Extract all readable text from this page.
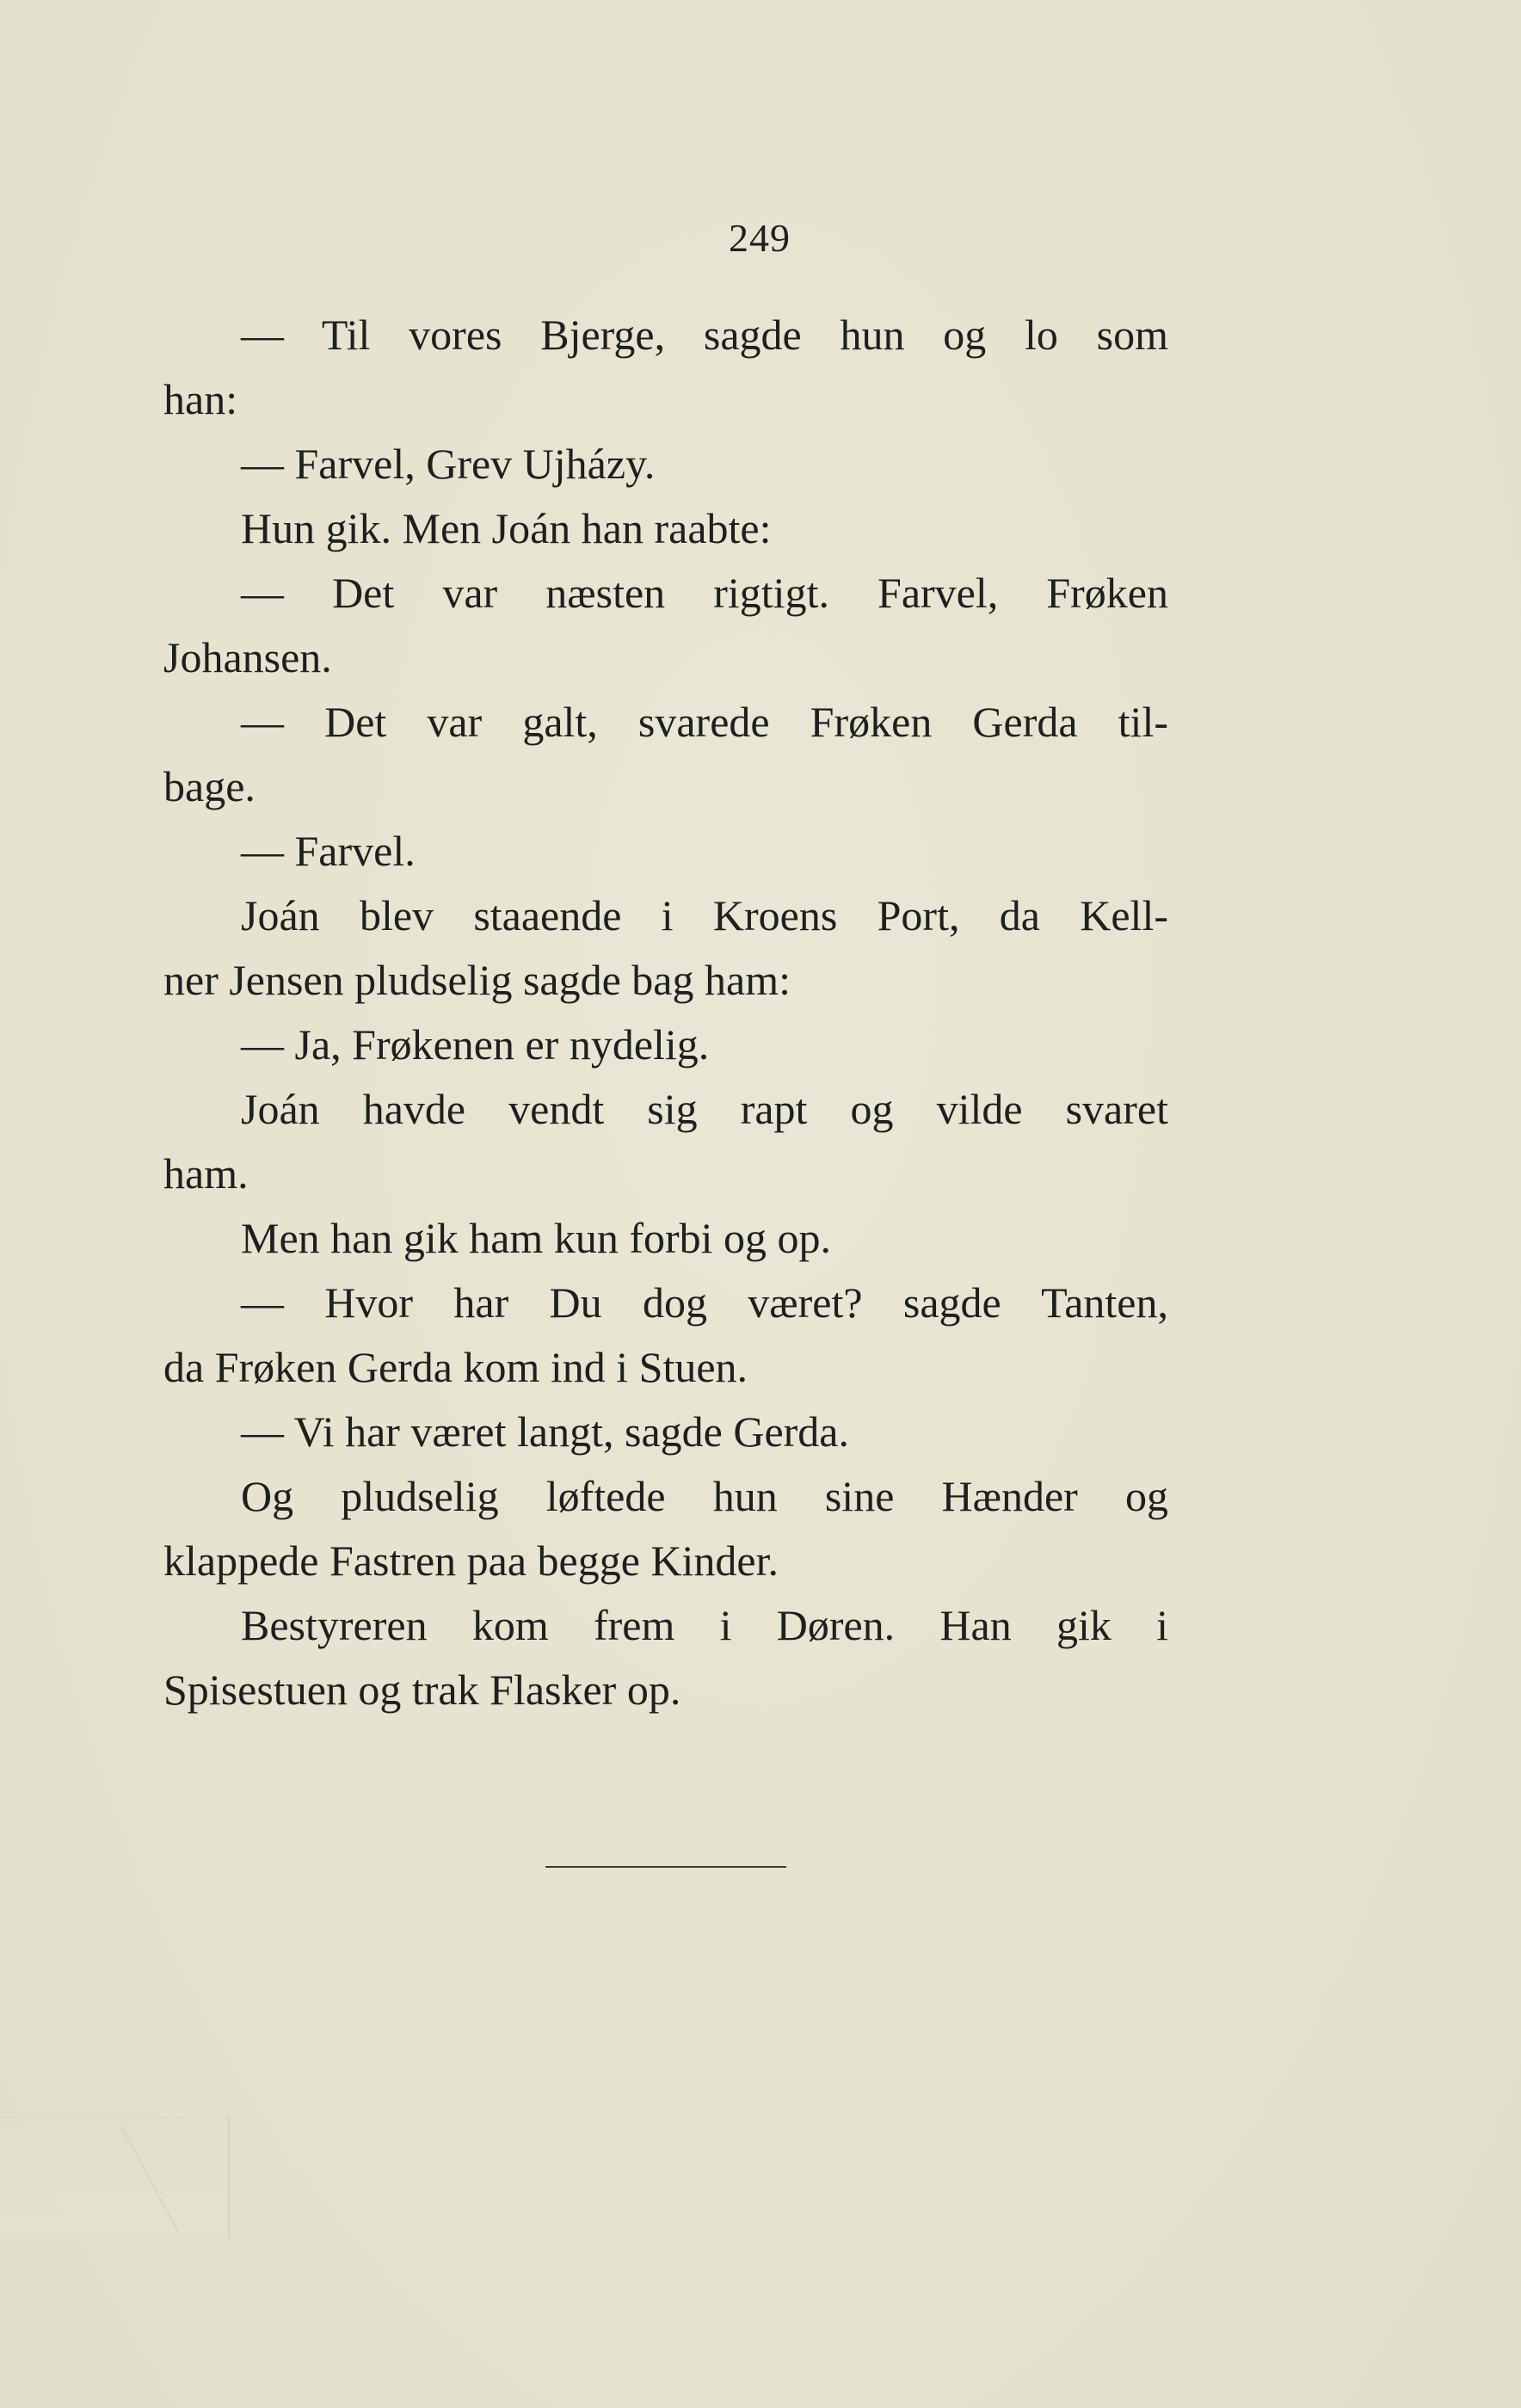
249
— Til vores Bjerge, sagde hun og lo som
han:
— Farvel, Grev Ujházy.
Hun gik. Men Joán han raabte:
— Det var næsten rigtigt. Farvel, Frøken
Johansen.
— Det var galt, svarede Frøken Gerda til-
bage.
— Farvel.
Joán blev staaende i Kroens Port, da Kell-
ner Jensen pludselig sagde bag ham:
— Ja, Frøkenen er nydelig.
Joán havde vendt sig rapt og vilde svaret
ham.
Men han gik ham kun forbi og op.
— Hvor har Du dog været? sagde Tanten,
da Frøken Gerda kom ind i Stuen.
— Vi har været langt, sagde Gerda.
Og pludselig løftede hun sine Hænder og
klappede Fastren paa begge Kinder.
Bestyreren kom frem i Døren. Han gik i
Spisestuen og trak Flasker op.
